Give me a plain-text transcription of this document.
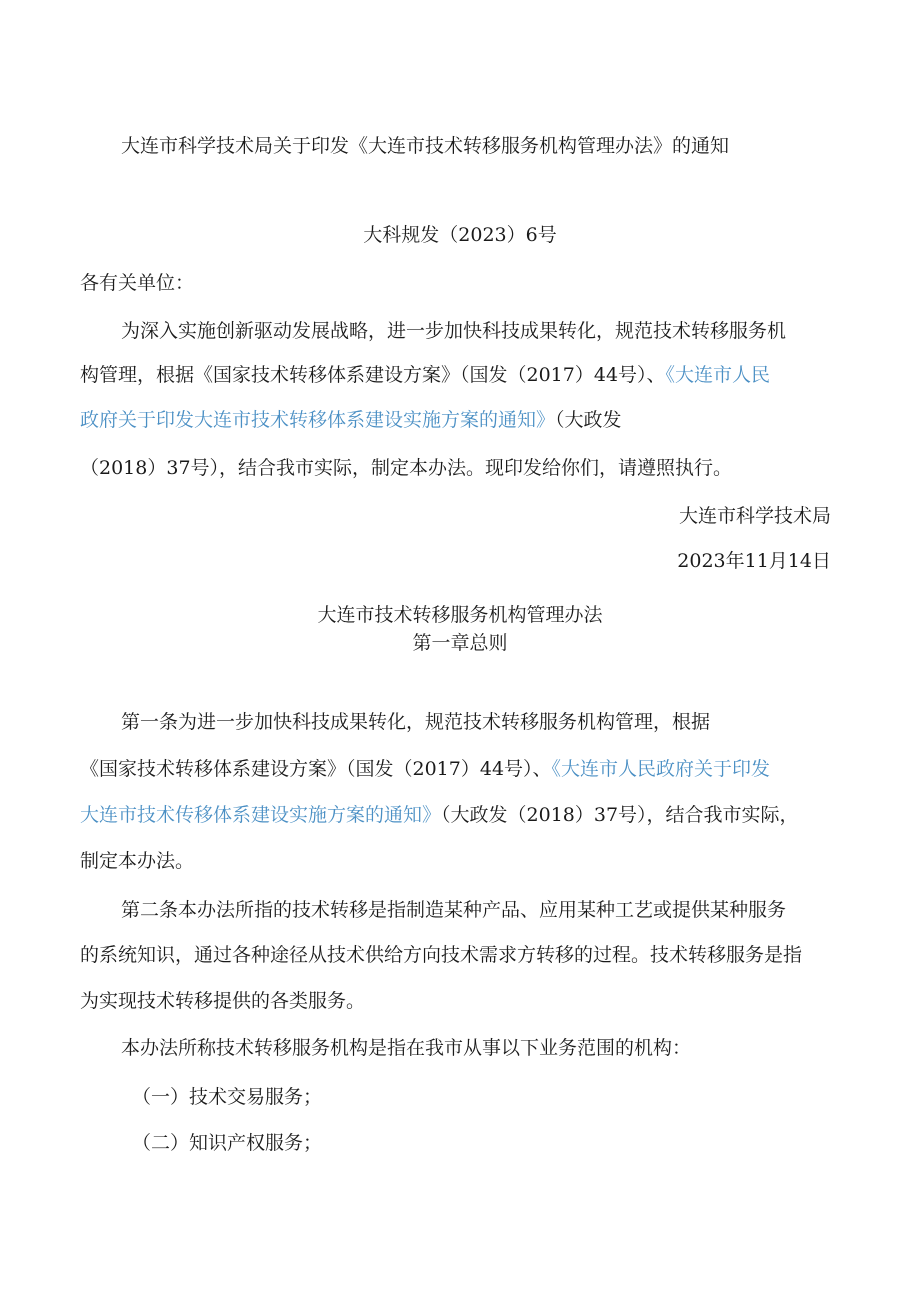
大连市科学技术局关于印发《大连市技术转移服务机构管理办法》的通知
大科规发（2023）6号
各有关单位：
为深入实施创新驱动发展战略，进一步加快科技成果转化，规范技术转移服务机
构管理，根据《国家技术转移体系建设方案》（国发（2017）44号）、《大连市人民
政府关于印发大连市技术转移体系建设实施方案的通知》（大政发
（2018）37号），结合我市实际，制定本办法。现印发给你们，请遵照执行。
大连市科学技术局
2023年11月14日
大连市技术转移服务机构管理办法
第一章总则
第一条为进一步加快科技成果转化，规范技术转移服务机构管理，根据
《国家技术转移体系建设方案》（国发（2017）44号）、《大连市人民政府关于印发
大连市技术传移体系建设实施方案的通知》（大政发（2018）37号），结合我市实际，
制定本办法。
第二条本办法所指的技术转移是指制造某种产品、应用某种工艺或提供某种服务
的系统知识，通过各种途径从技术供给方向技术需求方转移的过程。技术转移服务是指
为实现技术转移提供的各类服务。
本办法所称技术转移服务机构是指在我市从事以下业务范围的机构：
（一）技术交易服务；
（二）知识产权服务；
